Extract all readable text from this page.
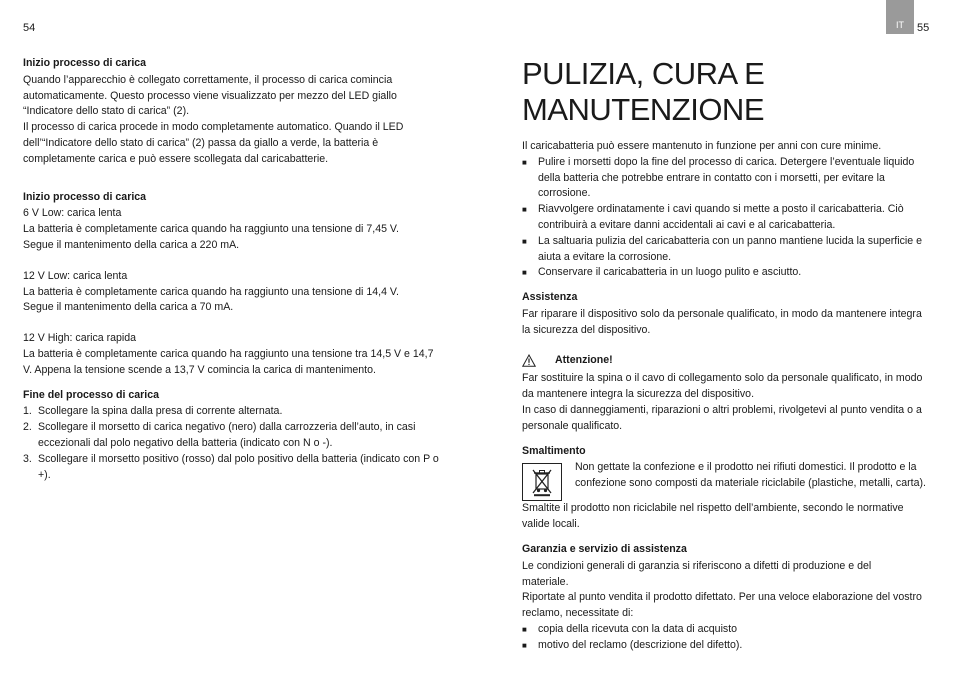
54	IT	55
Inizio processo di carica

Quando l’apparecchio è collegato correttamente, il processo di carica comincia automaticamente. Questo processo viene visualizzato per mezzo del LED giallo “Indicatore dello stato di carica” (2).

Il processo di carica procede in modo completamente automatico. Quando il LED dell’“Indicatore dello stato di carica” (2) passa da giallo a verde, la batteria è completamente carica e può essere scollegata dal caricabatterie.

Inizio processo di carica

6 V Low: carica lenta

La batteria è completamente carica quando ha raggiunto una tensione di 7,45 V.

Segue il mantenimento della carica a 220 mA.

12 V Low: carica lenta

La batteria è completamente carica quando ha raggiunto una tensione di 14,4 V.

Segue il mantenimento della carica a 70 mA.

12 V High: carica rapida

La batteria è completamente carica quando ha raggiunto una tensione tra 14,5 V e 14,7 V. Appena la tensione scende a 13,7 V comincia la carica di mantenimento.

Fine del processo di carica
1. Scollegare la spina dalla presa di corrente alternata.
2. Scollegare il morsetto di carica negativo (nero) dalla carrozzeria dell’auto, in casi eccezionali dal polo negativo della batteria (indicato con N o -).
3. Scollegare il morsetto positivo (rosso) dal polo positivo della batteria (indicato con P o +).
PULIZIA, CURA E MANUTENZIONE

Il caricabatteria può essere mantenuto in funzione per anni con cure minime.

■ Pulire i morsetti dopo la fine del processo di carica. Detergere l’eventuale liquido della batteria che potrebbe entrare in contatto con i morsetti, per evitare la corrosione.
■ Riavvolgere ordinatamente i cavi quando si mette a posto il caricabatteria. Ciò contribuirà a evitare danni accidentali ai cavi e al caricabatteria.
■ La saltuaria pulizia del caricabatteria con un panno mantiene lucida la superficie e aiuta a evitare la corrosione.
■ Conservare il caricabatteria in un luogo pulito e asciutto.
Assistenza

Far riparare il dispositivo solo da personale qualificato, in modo da mantenere integra la sicurezza del dispositivo.

Attenzione!

Far sostituire la spina o il cavo di collegamento solo da personale qualificato, in modo da mantenere integra la sicurezza del dispositivo.

In caso di danneggiamenti, riparazioni o altri problemi, rivolgetevi al punto vendita o a personale qualificato.

Smaltimento

Non gettate la confezione e il prodotto nei rifiuti domestici. Il prodotto e la confezione sono composti da materiale riciclabile (plastiche, metalli, carta).

Smaltite il prodotto non riciclabile nel rispetto dell’ambiente, secondo le normative valide locali.

Garanzia e servizio di assistenza

Le condizioni generali di garanzia si riferiscono a difetti di produzione e del materiale.

Riportate al punto vendita il prodotto difettato. Per una veloce elaborazione del vostro reclamo, necessitate di:

■ copia della ricevuta con la data di acquisto
■ motivo del reclamo (descrizione del difetto).
